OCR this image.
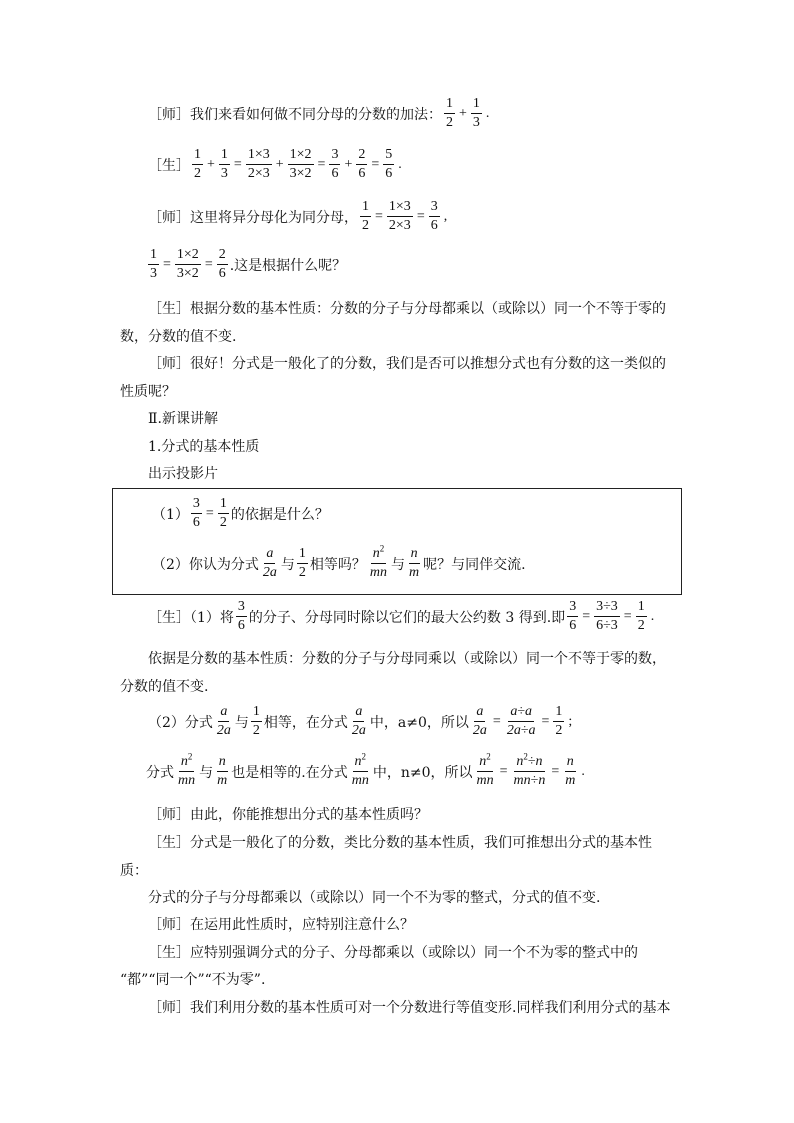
［师］我们来看如何做不同分母的分数的加法： $\frac{1}{2} + \frac{1}{3}$ .
［生］ $\frac{1}{2} + \frac{1}{3} = \frac{1\times 3}{2\times 3} + \frac{1\times 2}{3\times 2} = \frac{3}{6} + \frac{2}{6} = \frac{5}{6}$ .
［师］这里将异分母化为同分母， $\frac{1}{2} = \frac{1\times 3}{2\times 3} = \frac{3}{6}$ ,
$\frac{1}{3} = \frac{1\times 2}{3\times 2} = \frac{2}{6}$ .这是根据什么呢？
［生］根据分数的基本性质：分数的分子与分母都乘以（或除以）同一个不等于零的
数，分数的值不变.
［师］很好！分式是一般化了的分数，我们是否可以推想分式也有分数的这一类似的
性质呢？
Ⅱ.新课讲解
1.分式的基本性质
出示投影片
$(1) \frac{3}{6} = \frac{1}{2}$ 的依据是什么？
（2）你认为分式 $\frac{a}{2a}$ 与 $\frac{1}{2}$ 相等吗？ $\frac{n^2}{mn}$ 与 $\frac{n}{m}$ 呢？与同伴交流.
［生］（1）将 $\frac{3}{6}$ 的分子、分母同时除以它们的最大公约数 3 得到.即 $\frac{3}{6} = \frac{3\div 3}{6\div 3} = \frac{1}{2}$ .
依据是分数的基本性质：分数的分子与分母同乘以（或除以）同一个不等于零的数，
分数的值不变.
（2）分式 $\frac{a}{2a}$ 与 $\frac{1}{2}$ 相等，在分式 $\frac{a}{2a}$ 中， a≠0，所以 $\frac{a}{2a} = \frac{a\div a}{2a\div a} = \frac{1}{2}$ ;
分式 $\frac{n^2}{mn}$ 与 $\frac{n}{m}$ 也是相等的.在分式 $\frac{n^2}{mn}$ 中， n≠0，所以 $\frac{n^2}{mn} = \frac{n^2\div n}{mn\div n} = \frac{n}{m}$ .
［师］由此，你能推想出分式的基本性质吗？
［生］分式是一般化了的分数，类比分数的基本性质，我们可推想出分式的基本性
质：
分式的分子与分母都乘以（或除以）同一个不为零的整式，分式的值不变.
［师］在运用此性质时，应特别注意什么？
［生］应特别强调分式的分子、分母都乘以（或除以）同一个不为零的整式中的
“都”“同一个”“不为零”.
［师］我们利用分数的基本性质可对一个分数进行等值变形.同样我们利用分式的基本
